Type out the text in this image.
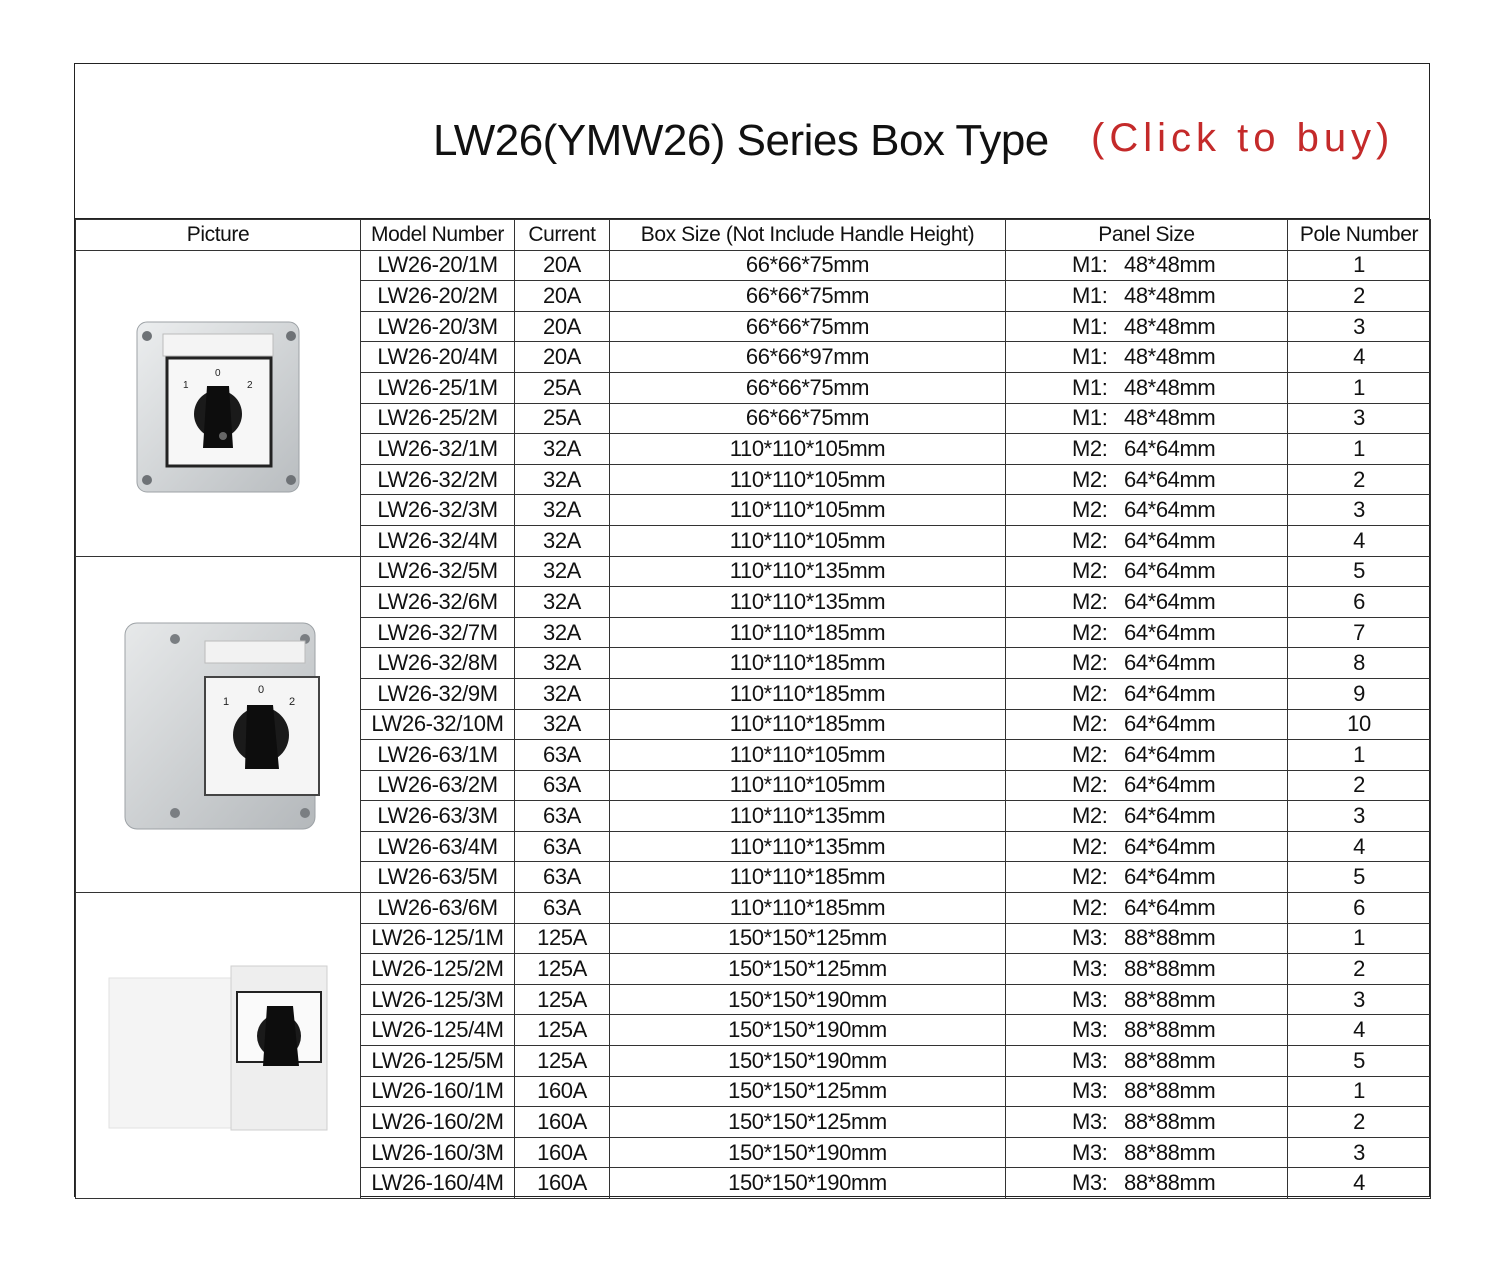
LW26(YMW26) Series Box Type (Click to buy)
Picture	Model Number	Current	Box Size (Not Include Handle Height)	Panel Size	Pole Number

1
0
2	LW26-20/1M	20A	66*66*75mm	M1: 48*48mm	1
	LW26-20/2M	20A	66*66*75mm	M1: 48*48mm	2
	LW26-20/3M	20A	66*66*75mm	M1: 48*48mm	3
	LW26-20/4M	20A	66*66*97mm	M1: 48*48mm	4
	LW26-25/1M	25A	66*66*75mm	M1: 48*48mm	1
	LW26-25/2M	25A	66*66*75mm	M1: 48*48mm	3
	LW26-32/1M	32A	110*110*105mm	M2: 64*64mm	1
	LW26-32/2M	32A	110*110*105mm	M2: 64*64mm	2
	LW26-32/3M	32A	110*110*105mm	M2: 64*64mm	3
	LW26-32/4M	32A	110*110*105mm	M2: 64*64mm	4

1
0
2	LW26-32/5M	32A	110*110*135mm	M2: 64*64mm	5
	LW26-32/6M	32A	110*110*135mm	M2: 64*64mm	6
	LW26-32/7M	32A	110*110*185mm	M2: 64*64mm	7
	LW26-32/8M	32A	110*110*185mm	M2: 64*64mm	8
	LW26-32/9M	32A	110*110*185mm	M2: 64*64mm	9
	LW26-32/10M	32A	110*110*185mm	M2: 64*64mm	10
	LW26-63/1M	63A	110*110*105mm	M2: 64*64mm	1
	LW26-63/2M	63A	110*110*105mm	M2: 64*64mm	2
	LW26-63/3M	63A	110*110*135mm	M2: 64*64mm	3
	LW26-63/4M	63A	110*110*135mm	M2: 64*64mm	4
	LW26-63/5M	63A	110*110*185mm	M2: 64*64mm	5

	LW26-63/6M	63A	110*110*185mm	M2: 64*64mm	6
	LW26-125/1M	125A	150*150*125mm	M3: 88*88mm	1
	LW26-125/2M	125A	150*150*125mm	M3: 88*88mm	2
	LW26-125/3M	125A	150*150*190mm	M3: 88*88mm	3
	LW26-125/4M	125A	150*150*190mm	M3: 88*88mm	4
	LW26-125/5M	125A	150*150*190mm	M3: 88*88mm	5
	LW26-160/1M	160A	150*150*125mm	M3: 88*88mm	1
	LW26-160/2M	160A	150*150*125mm	M3: 88*88mm	2
	LW26-160/3M	160A	150*150*190mm	M3: 88*88mm	3
	LW26-160/4M	160A	150*150*190mm	M3: 88*88mm	4
